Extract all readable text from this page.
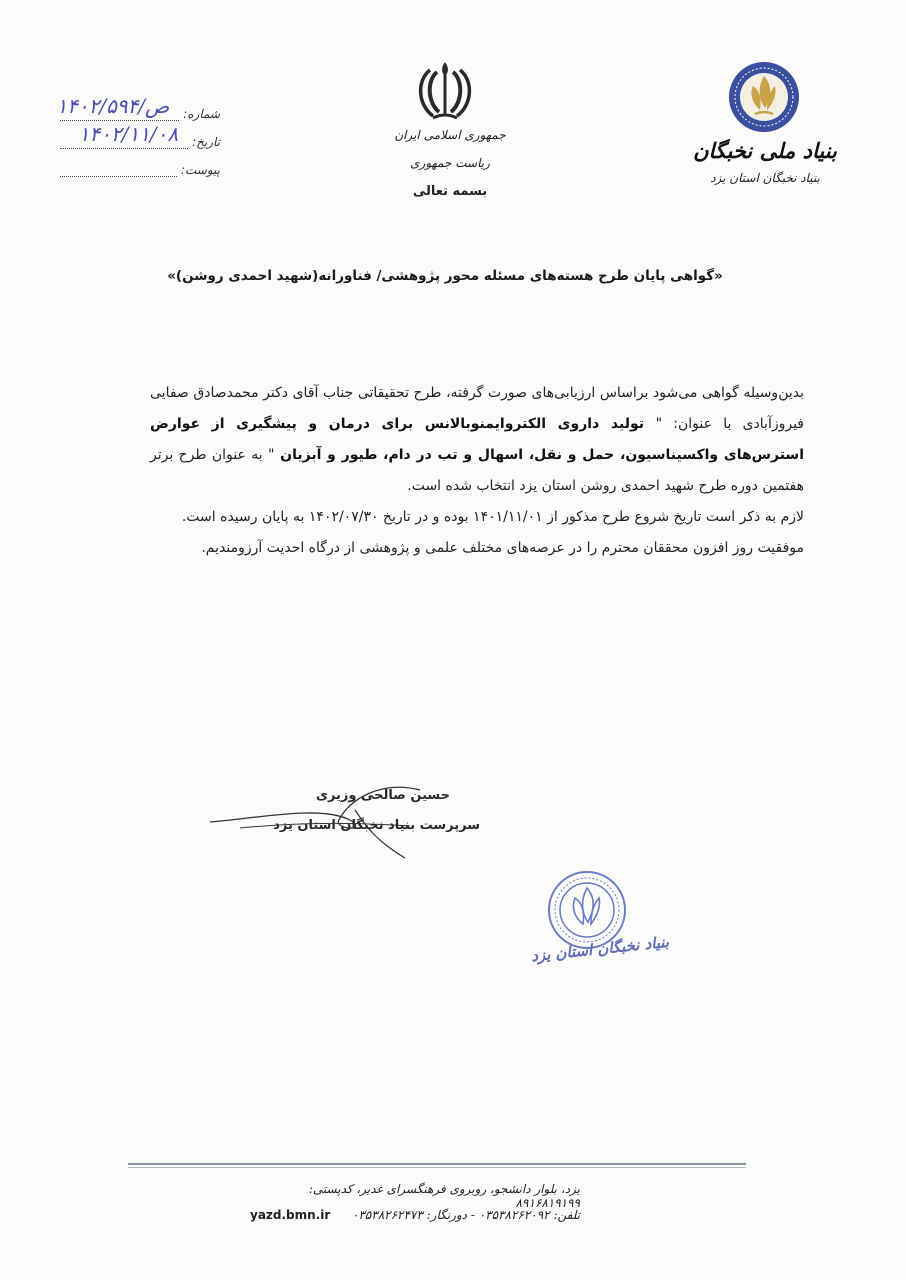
شماره:
۱۴۰۲/ص/۵۹۴
تاریخ:
۱۴۰۲/۱۱/۰۸
پیوست:
جمهوری اسلامی ایران
ریاست جمهوری
بسمه تعالی
بنیاد ملی نخبگان
بنیاد نخبگان استان یزد
«گواهی پایان طرح هسته‌های مسئله محور پژوهشی/ فناورانه(شهید احمدی روشن)»

بدین‌وسیله گواهی می‌شود براساس ارزیابی‌های صورت گرفته، طرح تحقیقاتی جناب آقای دکتر محمدصادق صفایی فیروزآبادی با عنوان: " تولید داروی الکتروایمنوبالانس برای درمان و پیشگیری از عوارض استرس‌های واکسیناسیون، حمل و نقل، اسهال و تب در دام، طیور و آبزیان " به عنوان طرح برتر هفتمین دوره طرح شهید احمدی روشن استان یزد انتخاب شده است.

لازم به ذکر است تاریخ شروع طرح مذکور از ۱۴۰۱/۱۱/۰۱ بوده و در تاریخ ۱۴۰۲/۰۷/۳۰ به پایان رسیده است.

موفقیت روز افزون محققان محترم را در عرصه‌های مختلف علمی و پژوهشی از درگاه احدیت آرزومندیم.

حسین صالحی وزیری
سرپرست بنیاد نخبگان استان یزد
بنیاد نخبگان استان یزد
یزد، بلوار دانشجو، روبروی فرهنگسرای غدیر، کدپستی: ۸۹۱۶۸۱۹۱۹۹
تلفن: ۰۳۵۳۸۲۶۲۰۹۲ - دورنگار: ۰۳۵۳۸۲۶۲۴۷۳
yazd.bmn.ir
